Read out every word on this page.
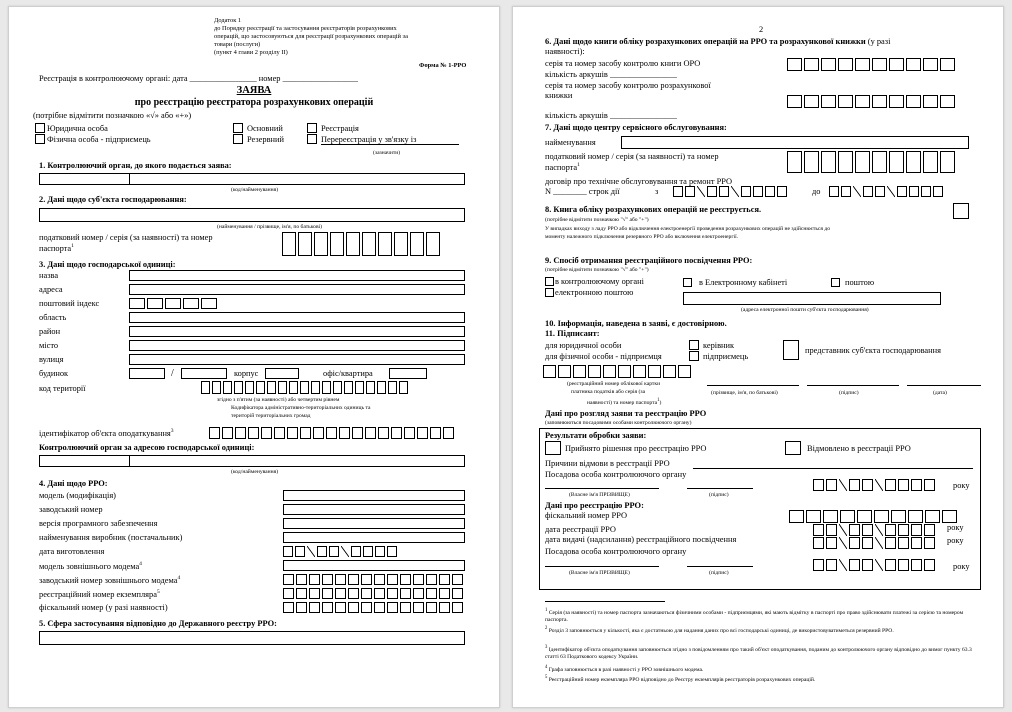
Додаток 1
до Порядку реєстрації та застосування реєстраторів розрахункових
операцій, що застосовуються для реєстрації розрахункових операцій за
товари (послуги)
(пункт 4 глави 2 розділу II)
Форма № 1-РРО
Реєстрація в контролюючому органі: дата ________________ номер __________________
ЗАЯВА
про реєстрацію реєстратора розрахункових операцій
(потрібне відмітити позначкою «√» або «+»)
Юридична особа
Фізична особа - підприємець
Основний
Резервний
Реєстрація
Перереєстрація у зв'язку із
(зазначити)
1. Контролюючий орган, до якого подається заява:
(код/найменування)
2. Дані щодо суб'єкта господарювання:
(найменування / прізвище, ім'я, по батькові)
податковий номер / серія (за наявності) та номер
паспорта$^1$
3. Дані щодо господарської одиниці:
назва
адреса
поштовий індекс
область
район
місто
вулиця
будинок	/	корпус	офіс/квартира
код території
згідно з п'ятим (за наявності) або четвертим рівнем
Кодифікатора адміністративно-територіальних одиниць та
територій територіальних громад
ідентифікатор об'єкта оподаткування$^3$
Контролюючий орган за адресою господарської одиниці:
(код/найменування)
4. Дані щодо РРО:
модель (модифікація)
заводський номер
версія програмного забезпечення
найменування виробник (постачальник)
дата виготовлення
модель зовнішнього модема$^4$
заводський номер зовнішнього модема$^4$
реєстраційний номер екземпляра$^5$
фіскальний номер (у разі наявності)
5. Сфера застосування відповідно до Державного реєстру РРО:
2
6. Дані щодо книги обліку розрахункових операцій на РРО та розрахункової книжки (у разі
наявності):
серія та номер засобу контролю книги ОРО
кількість аркушів ________________
серія та номер засобу контролю розрахункової
книжки
кількість аркушів ________________
7. Дані щодо центру сервісного обслуговування:
найменування
податковий номер / серія (за наявності) та номер
паспорта$^1$
договір про технічне обслуговування та ремонт РРО
N ________ строк дії	з	до
8. Книга обліку розрахункових операцій не реєструється.
(потрібне відмітити позначкою "√" або "+")
У випадках виходу з ладу РРО або відключення електроенергії проведення розрахункових операцій не здійснюється до
моменту належного підключення резервного РРО або включення електроенергії.
9. Спосіб отримання реєстраційного посвідчення РРО:
(потрібне відмітити позначкою "√" або "+")
в контролюючому органі
електронною поштою
в Електронному кабінеті	поштою
(адреса електронної пошти суб'єкта господарювання)
10. Інформація, наведена в заяві, є достовірною.
11. Підписант:
для юридичної особи
для фізичної особи - підприємця
керівник
підприємець
представник суб'єкта господарювання
(реєстраційний номер облікової картки
платника податків або серія (за
наявності) та номер паспорта$^1$)
(прізвище, ім'я, по батькові)	(підпис)	(дата)
Дані про розгляд заяви та реєстрацію РРО
(заповнюються посадовими особами контролюючого органу)
Результати обробки заяви:
Прийнято рішення про реєстрацію РРО	Відмовлено в реєстрації РРО
Причини відмови в реєстрації РРО
Посадова особа контролюючого органу
(Власне ім'я ПРІЗВИЩЕ)	(підпис)
року
Дані про реєстрацію РРО:
фіскальний номер РРО
дата реєстрації РРО	року
дата видачі (надсилання) реєстраційного посвідчення	року
Посадова особа контролюючого органу
(Власне ім'я ПРІЗВИЩЕ)	(підпис)
року
$^1$ Серія (за наявності) та номер паспорта зазначаються фізичними особами - підприємцями, які мають відмітку в паспорті про право здійснювати платежі за серією та номером паспорта.
$^2$ Розділ 3 заповнюється у кількості, яка є достатньою для надання даних про всі господарські одиниці, де використовуватиметься резервний РРО.
$^3$ Ідентифікатор об'єкта оподаткування заповнюється згідно з повідомленням про такий об'єкт оподаткування, поданим до контролюючого органу відповідно до вимог пункту 63.3 статті 63 Податкового кодексу України.
$^4$ Графа заповнюється в разі наявності у РРО зовнішнього модема.
$^5$ Реєстраційний номер екземпляра РРО відповідно до Реєстру екземплярів реєстраторів розрахункових операцій.
